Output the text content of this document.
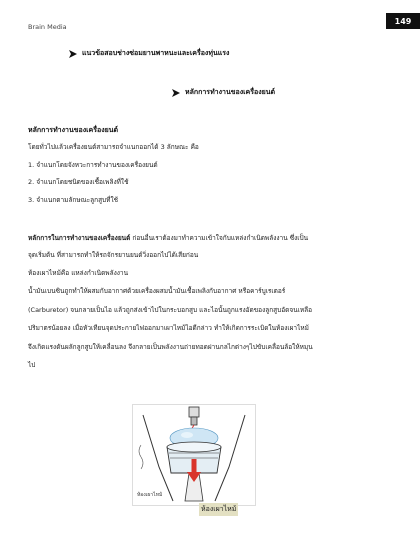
Brain Media
149
แนวข้อสอบช่างซ่อมยานพาหนะและเครื่องทุ่นแรง
หลักการทำงานของเครื่องยนต์
หลักการทำงานของเครื่องยนต์
โดยทั่วไปแล้วเครื่องยนต์สามารถจำแนกออกได้ 3 ลักษณะ คือ
1. จำแนกโดยจังหวะการทำงานของเครื่องยนต์
2. จำแนกโดยชนิดของเชื้อเพลิงที่ใช้
3. จำแนกตามลักษณะลูกสูบที่ใช้
หลักการในการทำงานของเครื่องยนต์ ก่อนอื่นเราต้องมาทำความเข้าใจกับแหล่งกำเนิดพลังงาน ซึ่งเป็น
จุดเริ่มต้น ที่สามารถทำให้รถจักรยานยนต์วิ่งออกไปได้เสียก่อน
ห้องเผาไหม้คือ แหล่งกำเนิดพลังงาน
น้ำมันเบนซินถูกทำให้ผสมกับอากาศด้วยเครื่องผสมน้ำมันเชื้อเพลิงกับอากาศ หรือคาร์บูเรเตอร์
(Carburetor) จนกลายเป็นไอ แล้วถูกส่งเข้าไปในกระบอกสูบ และไอนั้นถูกแรงอัดของลูกสูบอัดจนเหลือ
ปริมาตรน้อยลง เมื่อหัวเทียนจุดประกายไฟออกมาเผาไหม้ไอดีกล่าว ทำให้เกิดการระเบิดในห้องเผาไหม้
จึงเกิดแรงดันผลักลูกสูบให้เคลื่อนลง จึงกลายเป็นพลังงานถ่ายทอดผ่านกลไกต่างๆไปขับเคลื่อนล้อให้หมุน
ไป
ห้องเผาไหม้
ห้องเผาไหม้
